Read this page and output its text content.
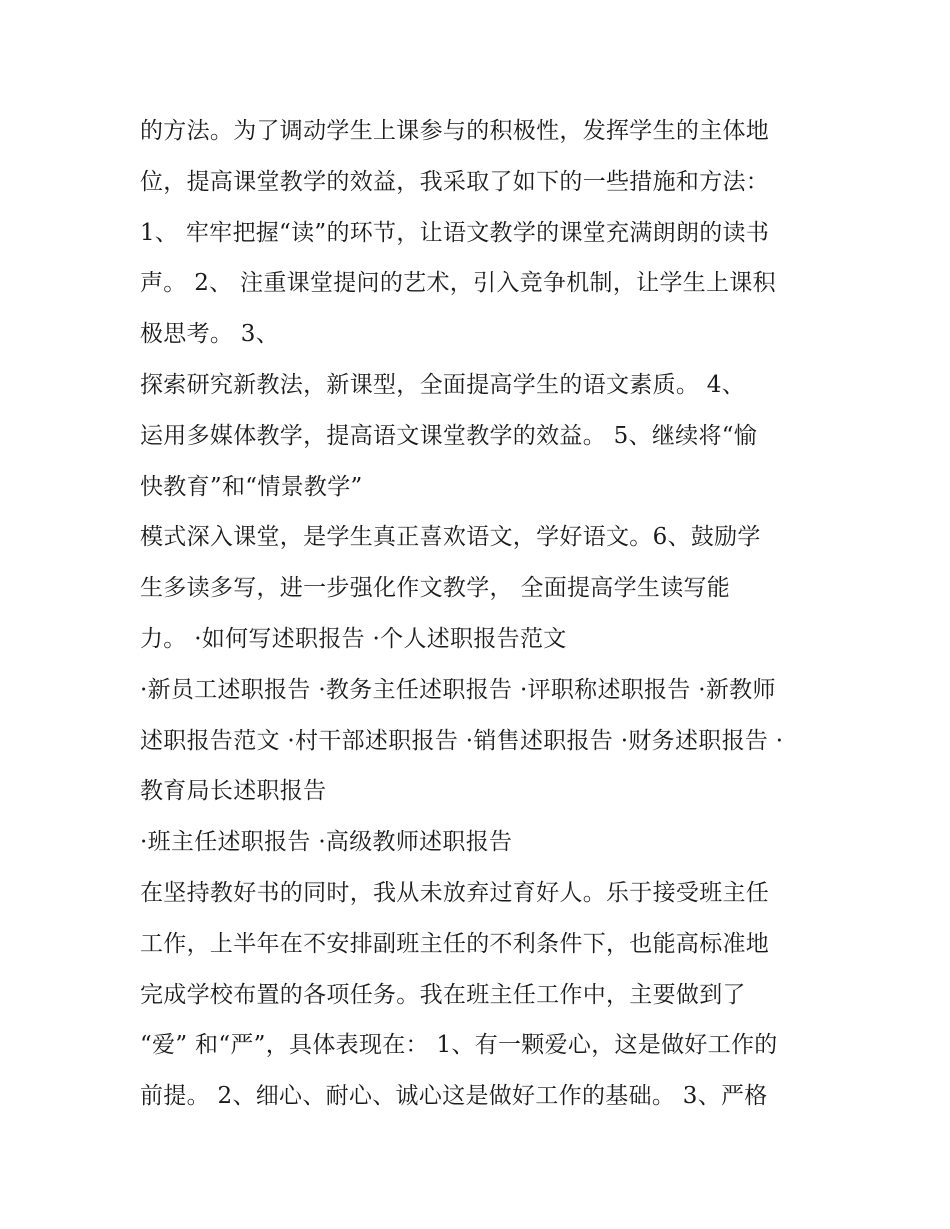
的方法。为了调动学生上课参与的积极性，发挥学生的主体地
位，提高课堂教学的效益，我采取了如下的一些措施和方法：
1、 牢牢把握“读”的环节，让语文教学的课堂充满朗朗的读书
声。 2、 注重课堂提问的艺术，引入竞争机制，让学生上课积
极思考。 3、
探索研究新教法，新课型，全面提高学生的语文素质。 4、
运用多媒体教学，提高语文课堂教学的效益。 5、继续将“愉
快教育”和“情景教学”
模式深入课堂，是学生真正喜欢语文，学好语文。6、鼓励学
生多读多写，进一步强化作文教学， 全面提高学生读写能
力。 ·如何写述职报告 ·个人述职报告范文
·新员工述职报告 ·教务主任述职报告 ·评职称述职报告 ·新教师
述职报告范文 ·村干部述职报告 ·销售述职报告 ·财务述职报告 ·
教育局长述职报告
·班主任述职报告 ·高级教师述职报告
在坚持教好书的同时，我从未放弃过育好人。乐于接受班主任
工作，上半年在不安排副班主任的不利条件下，也能高标准地
完成学校布置的各项任务。我在班主任工作中，主要做到了
“爱” 和“严”，具体表现在： 1、有一颗爱心，这是做好工作的
前提。 2、细心、耐心、诚心这是做好工作的基础。 3、严格
